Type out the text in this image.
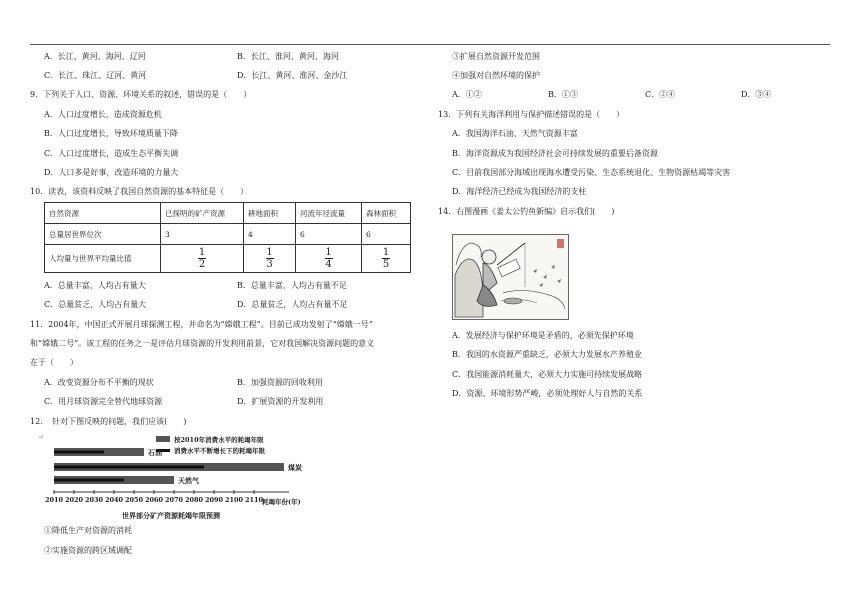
A．长江、黄河、海河、辽河	B．长江、淮河、黄河、海河
C．长江、珠江、辽河、黄河	D．长江、黄河、淮河、金沙江
9．下列关于人口、资源、环境关系的叙述，错误的是（　　）
A．人口过度增长，造成资源危机
B．人口过度增长，导致环境质量下降
C．人口过度增长，造成生态平衡失调
D．人口多是好事，改造环境的力量大
10．读表，该资料反映了我国自然资源的基本特征是（　　）
自然资源	已探明的矿产资源	耕地面积	河流年径流量	森林面积
总量居世界位次	3	4	6	6
人均量与世界平均量比值	$\frac{1}{2}$	$\frac{1}{3}$	$\frac{1}{4}$	$\frac{1}{5}$
A．总量丰富，人均占有量大	B．总量丰富，人均占有量不足
C．总量贫乏，人均占有量大	D．总量贫乏，人均占有量不足
11．2004年，中国正式开展月球探测工程，并命名为“嫦娥工程”。目前已成功发射了“嫦娥一号”
和“嫦娥二号”。该工程的任务之一是评估月球资源的开发利用前景，它对我国解决资源问题的意义
在于（　　）
A．改变资源分布不平衡的现状	B．加强资源的回收利用
C．用月球资源完全替代地球资源	D．扩展资源的开发利用
12．　针对下图反映的问题，我们应该(　　)
↵	按2010年消费水平的耗竭年限
消费水平不断增长下的耗竭年限
石油
煤炭
天然气
2010 2020 2030 2040 2050 2060 2070 2080 2090 2100 2110
耗竭年份(年)
世界部分矿产资源耗竭年限预测
①降低生产对资源的消耗
②实施资源的跨区域调配
③扩展自然资源开发范围
④加强对自然环境的保护
A．①②	B．①③	C．②④	D．③④
13．下列有关海洋利用与保护描述错误的是（　　）
A．我国海洋石油、天然气资源丰富
B．海洋资源成为我国经济社会可持续发展的重要后备资源
C．目前我国部分海域出现海水遭受污染、生态系统退化、生物资源枯竭等灾害
D．海洋经济已经成为我国经济的支柱
14．右图漫画《姜太公钓鱼新编》启示我们(　　)
A．发展经济与保护环境是矛盾的，必须先保护环境
B．我国的水资源严重缺乏，必须大力发展水产养殖业
C．我国能源消耗量大，必须大力实施可持续发展战略
D．资源、环境形势严峻，必须处理好人与自然的关系
